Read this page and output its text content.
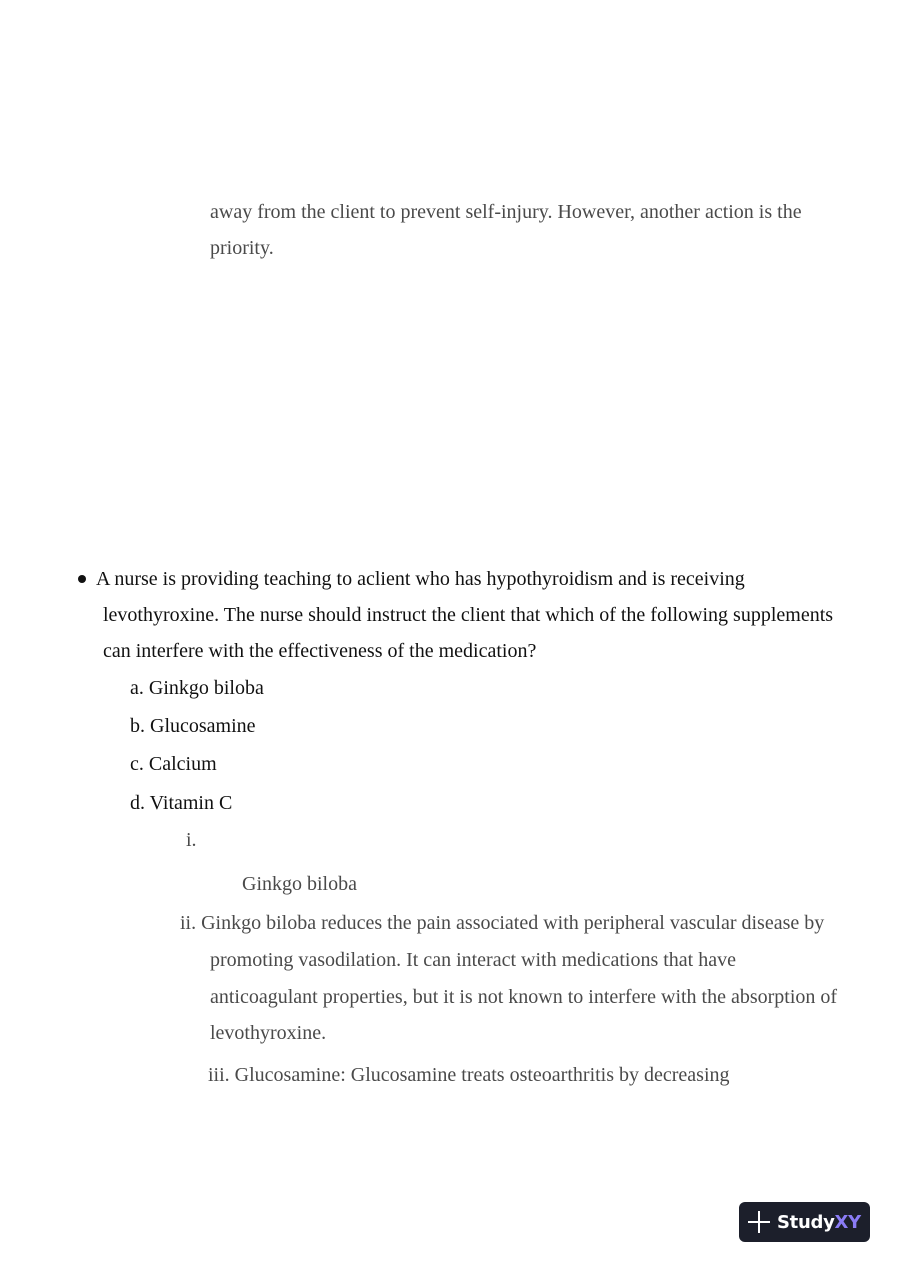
away from the client to prevent self-injury. However, another action is the
priority.
A nurse is providing teaching to aclient who has hypothyroidism and is receiving
levothyroxine. The nurse should instruct the client that which of the following supplements
can interfere with the effectiveness of the medication?
a. Ginkgo biloba
b. Glucosamine
c. Calcium
d. Vitamin C
i.
Ginkgo biloba
ii. Ginkgo biloba reduces the pain associated with peripheral vascular disease by
promoting vasodilation. It can interact with medications that have
anticoagulant properties, but it is not known to interfere with the absorption of
levothyroxine.
iii. Glucosamine: Glucosamine treats osteoarthritis by decreasing
StudyXY
